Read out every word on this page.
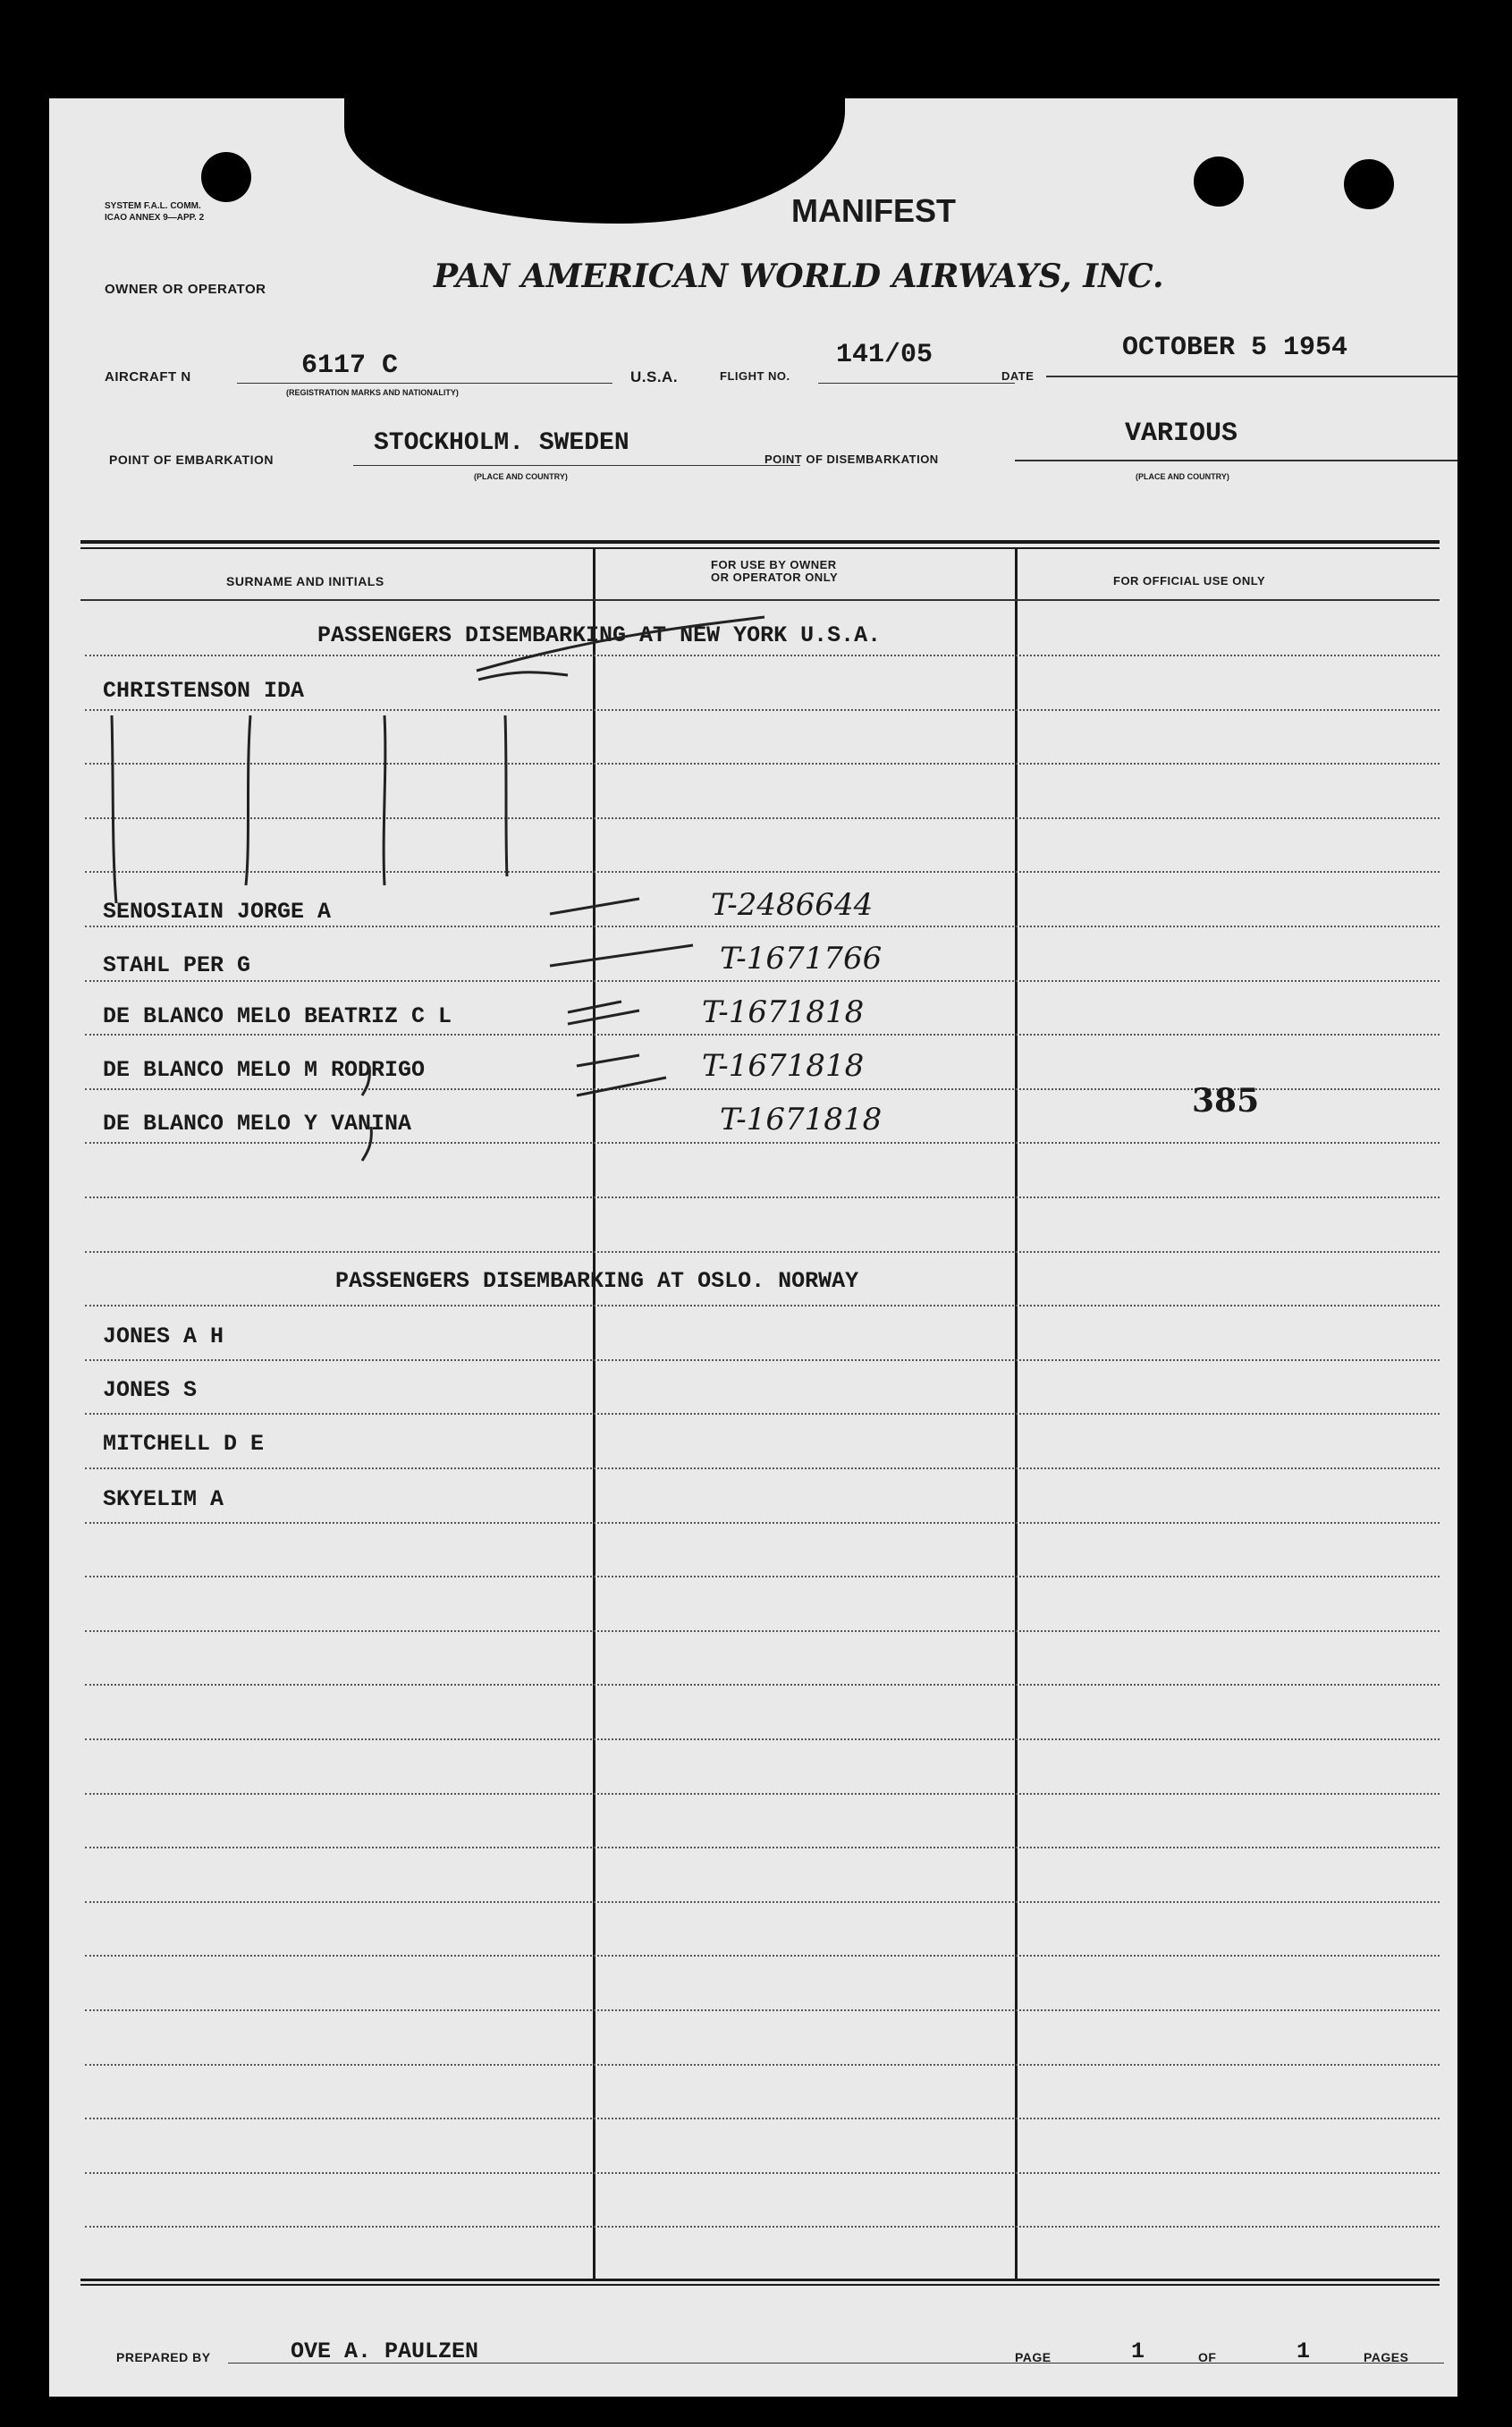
SYSTEM F.A.L. COMM.
ICAO ANNEX 9—APP. 2	MANIFEST
OWNER OR OPERATOR	PAN AMERICAN WORLD AIRWAYS, INC.
AIRCRAFT N	6117 C
(REGISTRATION MARKS AND NATIONALITY)
U.S.A.	FLIGHT NO.
141/05
DATE
OCTOBER 5 1954
POINT OF EMBARKATION
STOCKHOLM. SWEDEN
(PLACE AND COUNTRY)
POINT OF DISEMBARKATION
VARIOUS
(PLACE AND COUNTRY)
SURNAME AND INITIALS
FOR USE BY OWNER
OR OPERATOR ONLY	FOR OFFICIAL USE ONLY
PASSENGERS DISEMBARKING AT NEW YORK U.S.A.
CHRISTENSON IDA
SENOSIAIN JORGE A	T-2486644
STAHL PER G	T-1671766
DE BLANCO MELO BEATRIZ C L	T-1671818
DE BLANCO MELO M RODRIGO	T-1671818
DE BLANCO MELO Y VANINA	T-1671818	385
PASSENGERS DISEMBARKING AT OSLO. NORWAY
JONES A H
JONES S
MITCHELL D E
SKYELIM A
PREPARED BY	OVE A. PAULZEN	PAGE	1	OF	1	PAGES
